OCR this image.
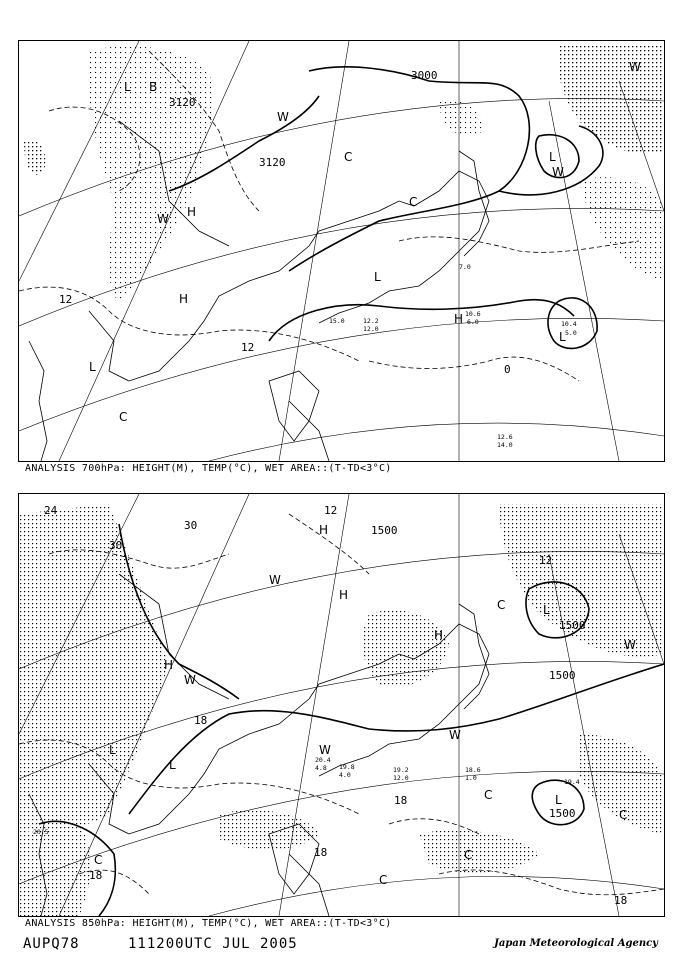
L B
H
H
H
W
C
C
L
L
L
C
W
W
W
L
3000
3120
3120
12
12
0
10.4
5.0
12.6
14.0
10.6
6.0
12.2
12.0
15.0
7.0
ANALYSIS 700hPa: HEIGHT(M), TEMP(°C), WET AREA::(T-TD<3°C)
H
H
H
W
H
W
W
W
C
C
C
C
C
C
L
L
L
L
W
1500
1500
1500
1500
30
30
24	12
12
18
18
18
18
18
19.8
4.0
20.4
4.8	18.6
1.0
19.2
12.0	19.4
20.5
ANALYSIS 850hPa: HEIGHT(M), TEMP(°C), WET AREA::(T-TD<3°C)
AUPQ78	111200UTC JUL 2005	Japan Meteorological Agency
